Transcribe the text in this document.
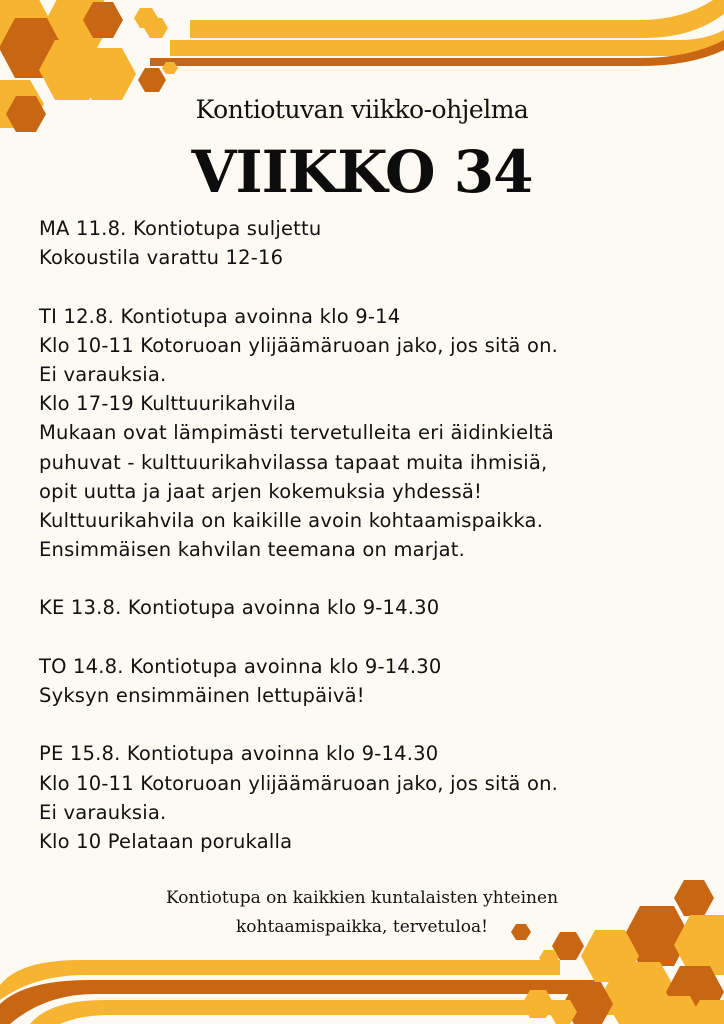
Kontiotuvan viikko-ohjelma
VIIKKO 34
MA 11.8. Kontiotupa suljettu
Kokoustila varattu 12-16
TI 12.8. Kontiotupa avoinna klo 9-14
Klo 10-11 Kotoruoan ylijäämäruoan jako, jos sitä on.
Ei varauksia.
Klo 17-19 Kulttuurikahvila
Mukaan ovat lämpimästi tervetulleita eri äidinkieltä
puhuvat - kulttuurikahvilassa tapaat muita ihmisiä,
opit uutta ja jaat arjen kokemuksia yhdessä!
Kulttuurikahvila on kaikille avoin kohtaamispaikka.
Ensimmäisen kahvilan teemana on marjat.
KE 13.8. Kontiotupa avoinna klo 9-14.30
TO 14.8. Kontiotupa avoinna klo 9-14.30
Syksyn ensimmäinen lettupäivä!
PE 15.8. Kontiotupa avoinna klo 9-14.30
Klo 10-11 Kotoruoan ylijäämäruoan jako, jos sitä on.
Ei varauksia.
Klo 10 Pelataan porukalla
Kontiotupa on kaikkien kuntalaisten yhteinen
kohtaamispaikka, tervetuloa!
